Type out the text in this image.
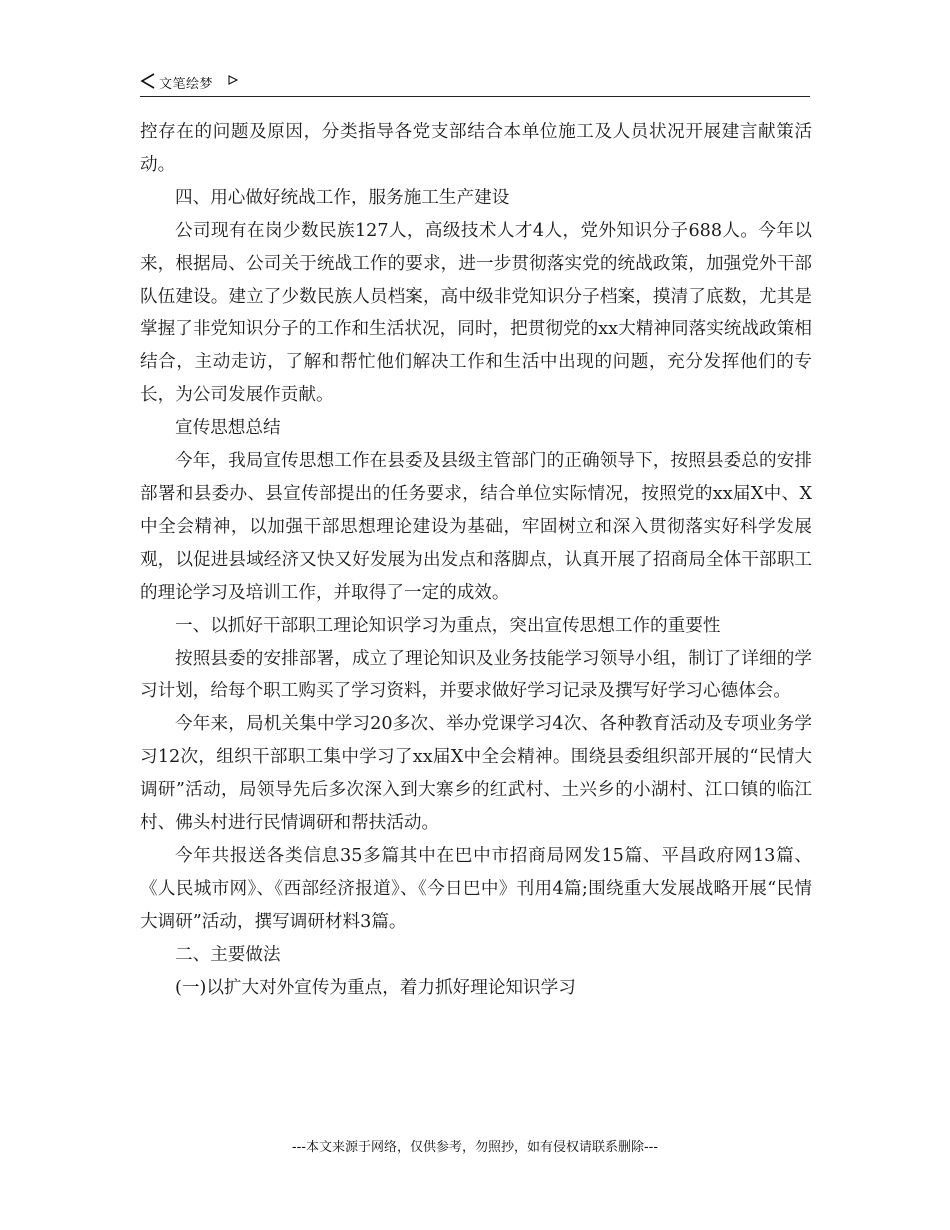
文笔绘梦

控存在的问题及原因，分类指导各党支部结合本单位施工及人员状况开展建言献策活动。

四、用心做好统战工作，服务施工生产建设

公司现有在岗少数民族127人，高级技术人才4人，党外知识分子688人。今年以来，根据局、公司关于统战工作的要求，进一步贯彻落实党的统战政策，加强党外干部队伍建设。建立了少数民族人员档案，高中级非党知识分子档案，摸清了底数，尤其是掌握了非党知识分子的工作和生活状况，同时，把贯彻党的xx大精神同落实统战政策相结合，主动走访，了解和帮忙他们解决工作和生活中出现的问题，充分发挥他们的专长，为公司发展作贡献。

宣传思想总结

今年，我局宣传思想工作在县委及县级主管部门的正确领导下，按照县委总的安排部署和县委办、县宣传部提出的任务要求，结合单位实际情况，按照党的xx届X中、X中全会精神，以加强干部思想理论建设为基础，牢固树立和深入贯彻落实好科学发展观，以促进县域经济又快又好发展为出发点和落脚点，认真开展了招商局全体干部职工的理论学习及培训工作，并取得了一定的成效。

一、以抓好干部职工理论知识学习为重点，突出宣传思想工作的重要性

按照县委的安排部署，成立了理论知识及业务技能学习领导小组，制订了详细的学习计划，给每个职工购买了学习资料，并要求做好学习记录及撰写好学习心德体会。

今年来，局机关集中学习20多次、举办党课学习4次、各种教育活动及专项业务学习12次，组织干部职工集中学习了xx届X中全会精神。围绕县委组织部开展的“民情大调研”活动，局领导先后多次深入到大寨乡的红武村、土兴乡的小湖村、江口镇的临江村、佛头村进行民情调研和帮扶活动。

今年共报送各类信息35多篇其中在巴中市招商局网发15篇、平昌政府网13篇、《人民城市网》、《西部经济报道》、《今日巴中》刊用4篇;围绕重大发展战略开展“民情大调研”活动，撰写调研材料3篇。

二、主要做法

(一)以扩大对外宣传为重点，着力抓好理论知识学习

---本文来源于网络，仅供参考，勿照抄，如有侵权请联系删除---
